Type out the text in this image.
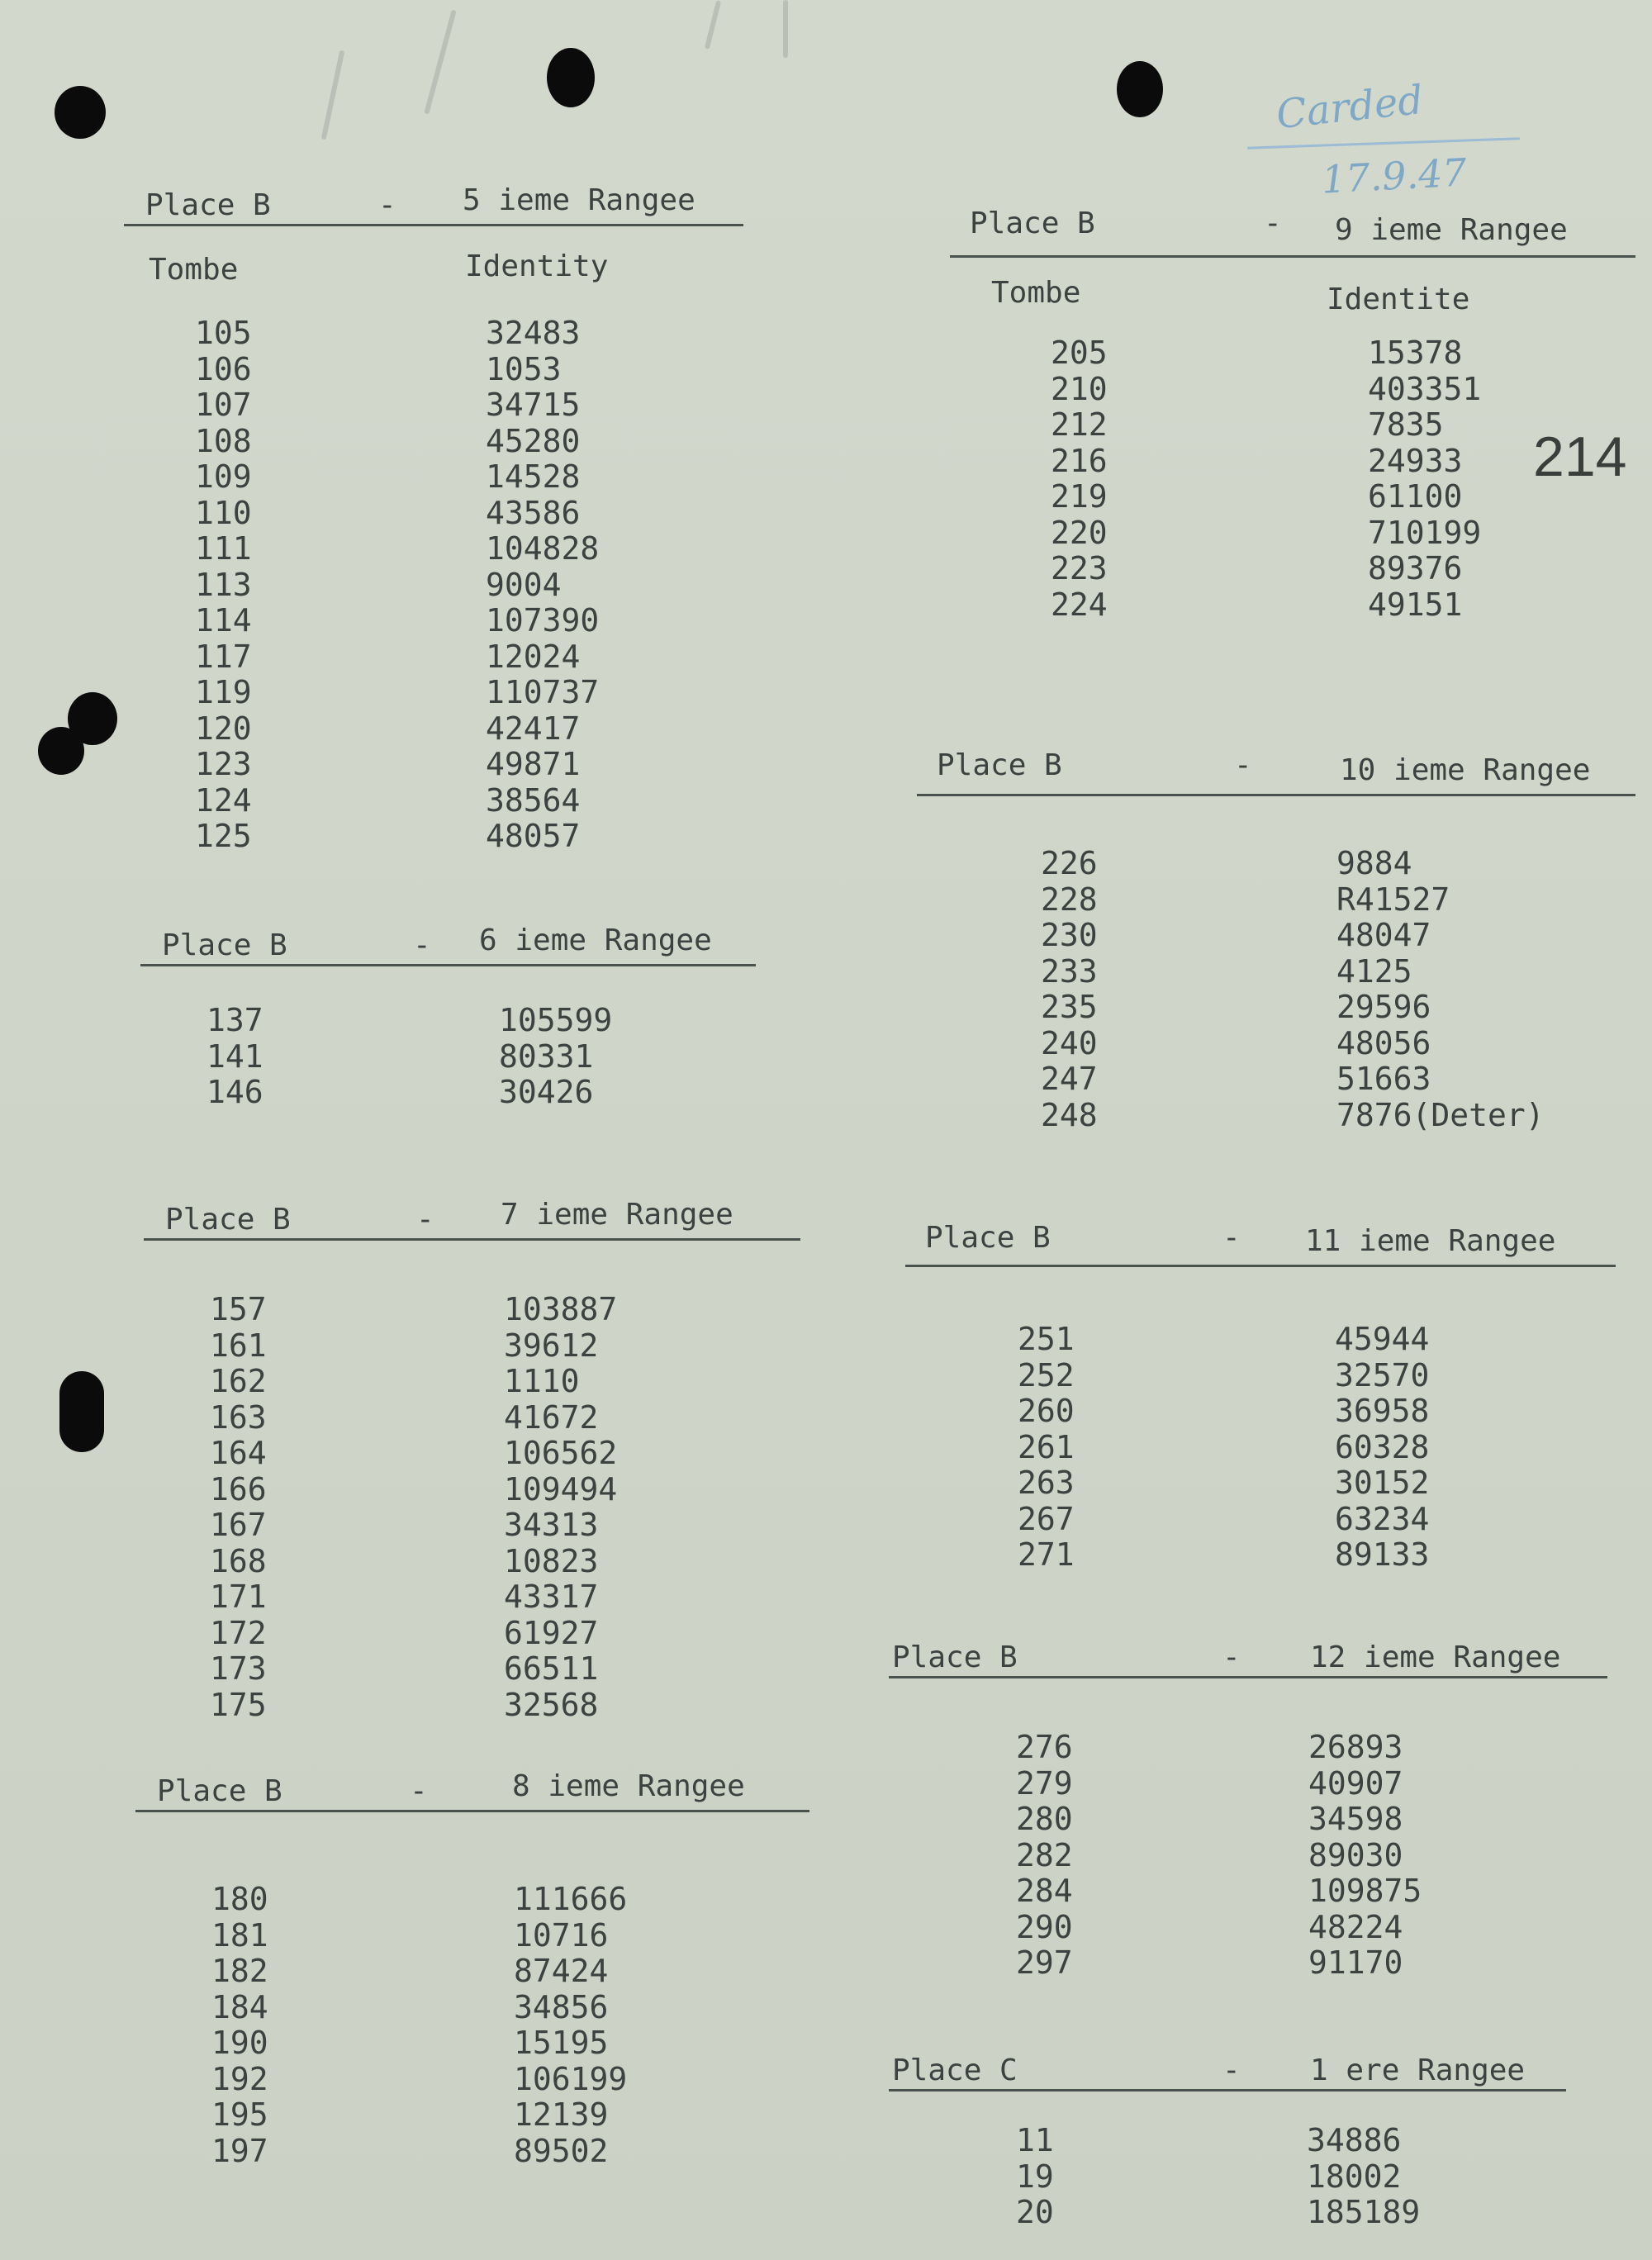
Carded
17.9.47
214
Place B	- 5 ieme Rangee
Tombe	Identity
105	32483
106	1053
107	34715
108	45280
109	14528
110	43586
111	104828
113	9004
114	107390
117	12024
119	110737
120	42417
123	49871
124	38564
125	48057
Place B	- 6 ieme Rangee
137	105599
141	80331
146	30426
Place B	- 7 ieme Rangee
157	103887
161	39612
162	1110
163	41672
164	106562
166	109494
167	34313
168	10823
171	43317
172	61927
173	66511
175	32568
Place B	-	8 ieme Rangee
180	111666
181	10716
182	87424
184	34856
190	15195
192	106199
195	12139
197	89502
Place B	- 9 ieme Rangee
Tombe	Identite
205	15378
210	403351
212	7835
216	24933
219	61100
220	710199
223	89376
224	49151
Place B	-	10 ieme Rangee
226	9884
228	R41527
230	48047
233	4125
235	29596
240	48056
247	51663
248	7876(Deter)
Place B	- 11 ieme Rangee
251	45944
252	32570
260	36958
261	60328
263	30152
267	63234
271	89133
Place B	- 12 ieme Rangee
276	26893
279	40907
280	34598
282	89030
284	109875
290	48224
297	91170
Place C	- 1 ere Rangee
11	34886
19	18002
20	185189
